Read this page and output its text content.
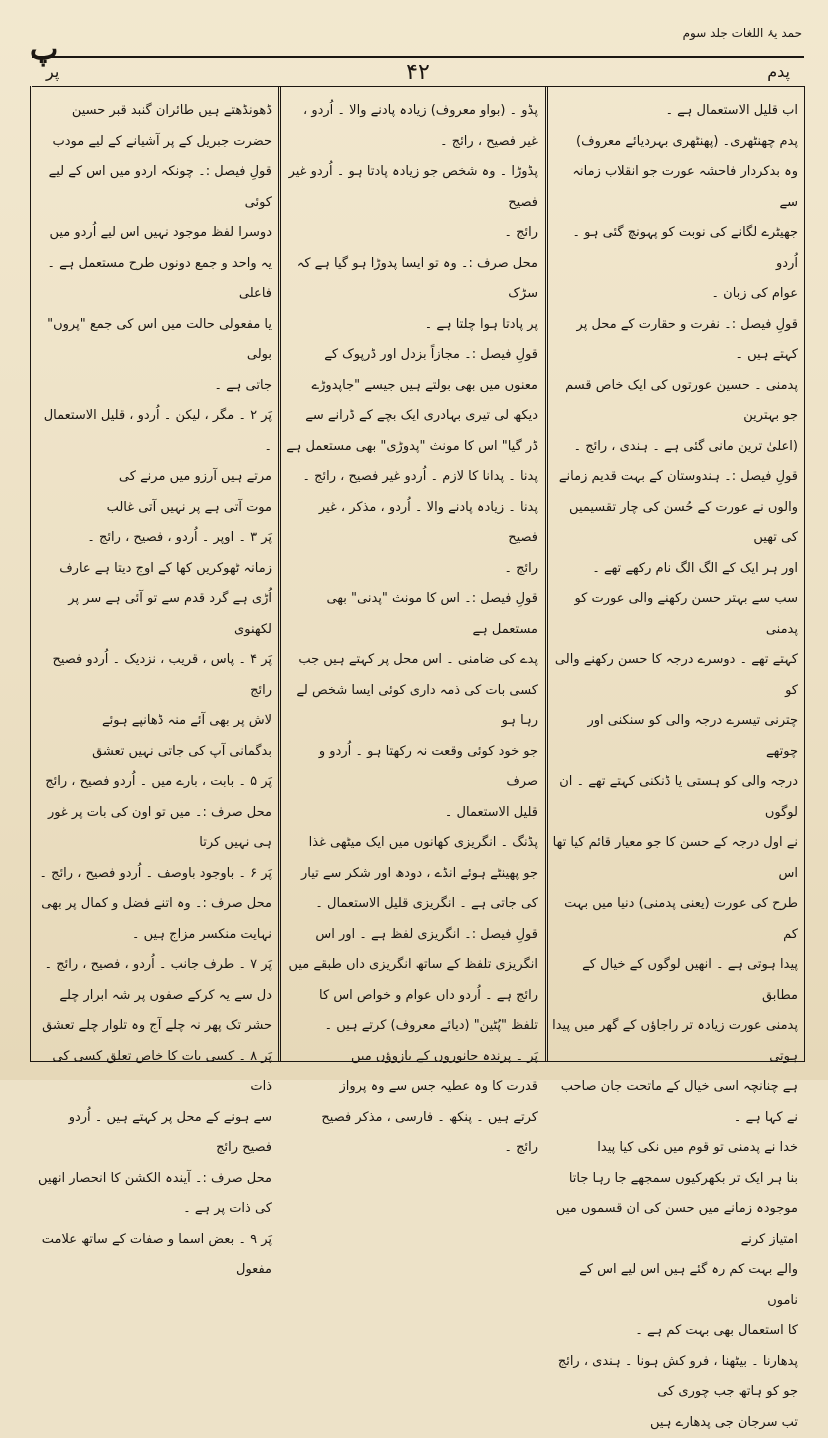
پ	حمد یۂ اللغات جلد سوم
پدم
۴۲
پر

اب قلیل الاستعمال ہے ۔

پدم چھنٹھری۔ (پھنٹھری بہردیائے معروف)

وہ بدکردار فاحشہ عورت جو انقلاب زمانہ سے

جھیٹرے لگانے کی نوبت کو پہونچ گئی ہو ۔ اُردو

عوام کی زبان ۔

قولِ فیصل :۔ نفرت و حقارت کے محل پر کہتے ہیں ۔

پدمنی ۔ حسین عورتوں کی ایک خاص قسم جو بہترین

(اعلیٰ ترین مانی گئی ہے ۔ ہندی ، رائج ۔

قولِ فیصل :۔ ہندوستان کے بہت قدیم زمانے

والوں نے عورت کے حُسن کی چار تقسیمیں کی تھیں

اور ہر ایک کے الگ الگ نام رکھے تھے ۔

سب سے بہتر حسن رکھنے والی عورت کو پدمنی

کہتے تھے ۔ دوسرے درجہ کا حسن رکھنے والی کو

چترنی تیسرے درجہ والی کو سنکنی اور چوتھے

درجہ والی کو ہستی یا ڈنکنی کہتے تھے ۔ ان لوگوں

نے اول درجہ کے حسن کا جو معیار قائم کیا تھا اس

طرح کی عورت (یعنی پدمنی) دنیا میں بہت کم

پیدا ہوتی ہے ۔ انھیں لوگوں کے خیال کے مطابق

پدمنی عورت زیادہ تر راجاؤں کے گھر میں پیدا ہوتی

ہے چنانچہ اسی خیال کے ماتحت جان صاحب

نے کہا ہے ۔

خدا نے پدمنی تو قوم میں نکی کیا پیدا

بنا ہر ایک تر بکھرکیوں سمجھے جا رہا جاتا

موجودہ زمانے میں حسن کی ان قسموں میں امتیاز کرنے

والے بہت کم رہ گئے ہیں اس لیے اس کے ناموں

کا استعمال بھی بہت کم ہے ۔

پدھارنا ۔ بیٹھنا ، فرو کش ہونا ۔ ہندی ، رائج

جو کو ہاتھ جب چوری کی

تب سرجان جی پدھارے ہیں

پڈو ۔ (بواو معروف) زیادہ پادنے والا ۔ اُردو ،

غیر فصیح ، رائج ۔

پڈوڑا ۔ وہ شخص جو زیادہ پادتا ہو ۔ اُردو غیر فصیح

رائج ۔

محل صرف :۔ وہ تو ایسا پدوڑا ہو گیا ہے کہ سڑک

پر پادتا ہوا چلتا ہے ۔

قولِ فیصل :۔ مجازاً بزدل اور ڈرپوک کے

معنوں میں بھی بولتے ہیں جیسے "جاپدوڑے

دیکھ لی تیری بہادری ایک بچے کے ڈرانے سے

ڈر گیا" اس کا مونث "پدوڑی" بھی مستعمل ہے

پدنا ۔ پدانا کا لازم ۔ اُردو غیر فصیح ، رائج ۔

پدنا ۔ زیادہ پادنے والا ۔ اُردو ، مذکر ، غیر فصیح

رائج ۔

قولِ فیصل :۔ اس کا مونث "پدنی" بھی مستعمل ہے

پدے کی ضامنی ۔ اس محل پر کہتے ہیں جب

کسی بات کی ذمہ داری کوئی ایسا شخص لے رہا ہو

جو خود کوئی وقعت نہ رکھتا ہو ۔ اُردو و صرف

قلیل الاستعمال ۔

پڈنگ ۔ انگریزی کھانوں میں ایک میٹھی غذا

جو پھینٹے ہوئے انڈے ، دودھ اور شکر سے تیار

کی جاتی ہے ۔ انگریزی قلیل الاستعمال ۔

قولِ فیصل :۔ انگریزی لفظ ہے ۔ اور اس

انگریزی تلفظ کے ساتھ انگریزی داں طبقے میں

رائج ہے ۔ اُردو داں عوام و خواص اس کا

تلفظ "پُٹین" (دیائے معروف) کرتے ہیں ۔

پَر ۔ پرندہ جانوروں کے بازوؤں میں

قدرت کا وہ عطیہ جس سے وہ پرواز

کرتے ہیں ۔ پنکھ ۔ فارسی ، مذکر فصیح

رائج ۔

ڈھونڈھتے ہیں طائران گنبد قبر حسین

حضرت جبریل کے پر آشیانے کے لیے مودب

قولِ فیصل :۔ چونکہ اردو میں اس کے لیے کوئی

دوسرا لفظ موجود نہیں اس لیے اُردو میں

یہ واحد و جمع دونوں طرح مستعمل ہے ۔ فاعلی

یا مفعولی حالت میں اس کی جمع "پروں" بولی

جاتی ہے ۔

پَر ۲ ۔ مگر ، لیکن ۔ اُردو ، قلیل الاستعمال ۔

مرتے ہیں آرزو میں مرنے کی

موت آتی ہے پر نہیں آتی غالب

پَر ۳ ۔ اوپر ۔ اُردو ، فصیح ، رائج ۔

زمانہ ٹھوکریں کھا کے اوج دیتا ہے عارف

اُڑی ہے گرد قدم سے تو آئی ہے سر پر لکھنوی

پَر ۴ ۔ پاس ، قریب ، نزدیک ۔ اُردو فصیح رائج

لاش پر بھی آئے منہ ڈھانپے ہوئے

بدگمانی آپ کی جاتی نہیں تعشق

پَر ۵ ۔ بابت ، بارے میں ۔ اُردو فصیح ، رائج

محل صرف :۔ میں تو اون کی بات پر غور ہی نہیں کرتا

پَر ۶ ۔ باوجود باوصف ۔ اُردو فصیح ، رائج ۔

محل صرف :۔ وہ اتنے فضل و کمال پر بھی

نہایت منکسر مزاج ہیں ۔

پَر ۷ ۔ طرف جانب ۔ اُردو ، فصیح ، رائج ۔

دل سے یہ کرکے صفوں پر شہ ابرار چلے

حشر تک پھر نہ چلے آج وہ تلوار چلے تعشق

پَر ۸ ۔ کسی بات کا خاص تعلق کسی کی ذات

سے ہونے کے محل پر کہتے ہیں ۔ اُردو فصیح رائج

محل صرف :۔ آیندہ الکشن کا انحصار انھیں

کی ذات پر ہے ۔

پَر ۹ ۔ بعض اسما و صفات کے ساتھ علامت مفعول
